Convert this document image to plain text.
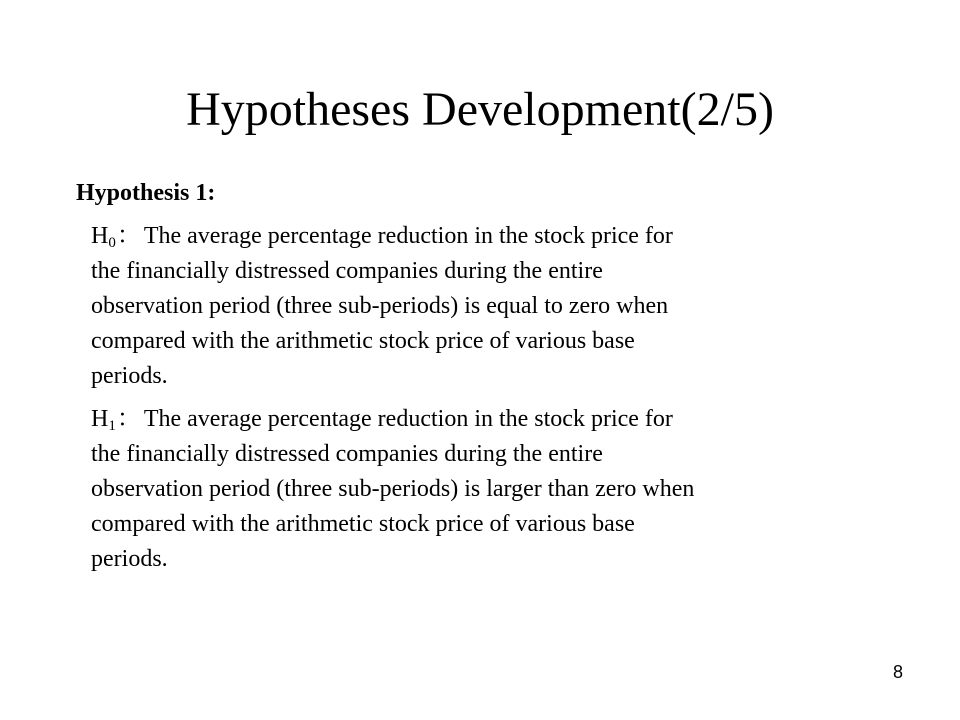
Hypotheses Development(2/5)

Hypothesis 1:

$H_0$： The average percentage reduction in the stock price for
the financially distressed companies during the entire
observation period (three sub-periods) is equal to zero when
compared with the arithmetic stock price of various base
periods.
$H_1$： The average percentage reduction in the stock price for
the financially distressed companies during the entire
observation period (three sub-periods) is larger than zero when
compared with the arithmetic stock price of various base
periods.
8
